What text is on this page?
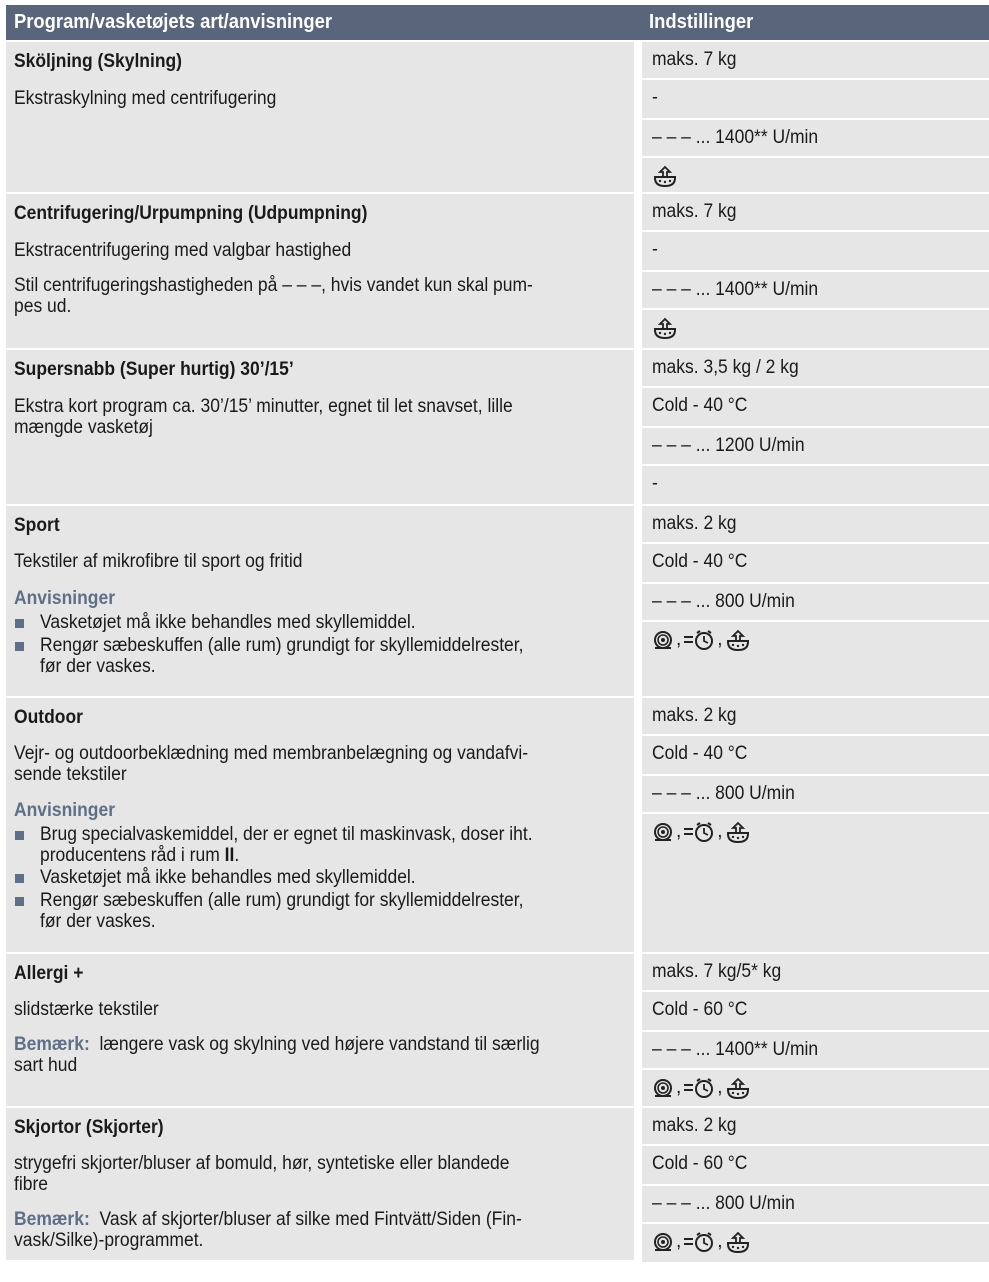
Program/vasketøjets art/anvisninger	Indstillinger
Sköljning (Skylning)
Ekstraskylning med centrifugering
maks. 7 kg
-
– – – ... 1400** U/min
Centrifugering/Urpumpning (Udpumpning)
Ekstracentrifugering med valgbar hastighed
Stil centrifugeringshastigheden på – – –, hvis vandet kun skal pum-
pes ud.
maks. 7 kg
-
– – – ... 1400** U/min
Supersnabb (Super hurtig) 30’/15’
Ekstra kort program ca. 30’/15’ minutter, egnet til let snavset, lille
mængde vasketøj
maks. 3,5 kg / 2 kg
Cold - 40 °C
– – – ... 1200 U/min
-
Sport
Tekstiler af mikrofibre til sport og fritid
Anvisninger
Vasketøjet må ikke behandles med skyllemiddel.
Rengør sæbeskuffen (alle rum) grundigt for skyllemiddelrester,
før der vaskes.
maks. 2 kg
Cold - 40 °C
– – – ... 800 U/min
, ,
Outdoor
Vejr- og outdoorbeklædning med membranbelægning og vandafvi-
sende tekstiler
Anvisninger
Brug specialvaskemiddel, der er egnet til maskinvask, doser iht.
producentens råd i rum II.
Vasketøjet må ikke behandles med skyllemiddel.
Rengør sæbeskuffen (alle rum) grundigt for skyllemiddelrester,
før der vaskes.
maks. 2 kg
Cold - 40 °C
– – – ... 800 U/min
, ,
Allergi +
slidstærke tekstiler
Bemærk: længere vask og skylning ved højere vandstand til særlig
sart hud
maks. 7 kg/5* kg
Cold - 60 °C
– – – ... 1400** U/min
, ,
Skjortor (Skjorter)
strygefri skjorter/bluser af bomuld, hør, syntetiske eller blandede
fibre
Bemærk: Vask af skjorter/bluser af silke med Fintvätt/Siden (Fin-
vask/Silke)-programmet.
maks. 2 kg
Cold - 60 °C
– – – ... 800 U/min
, ,
